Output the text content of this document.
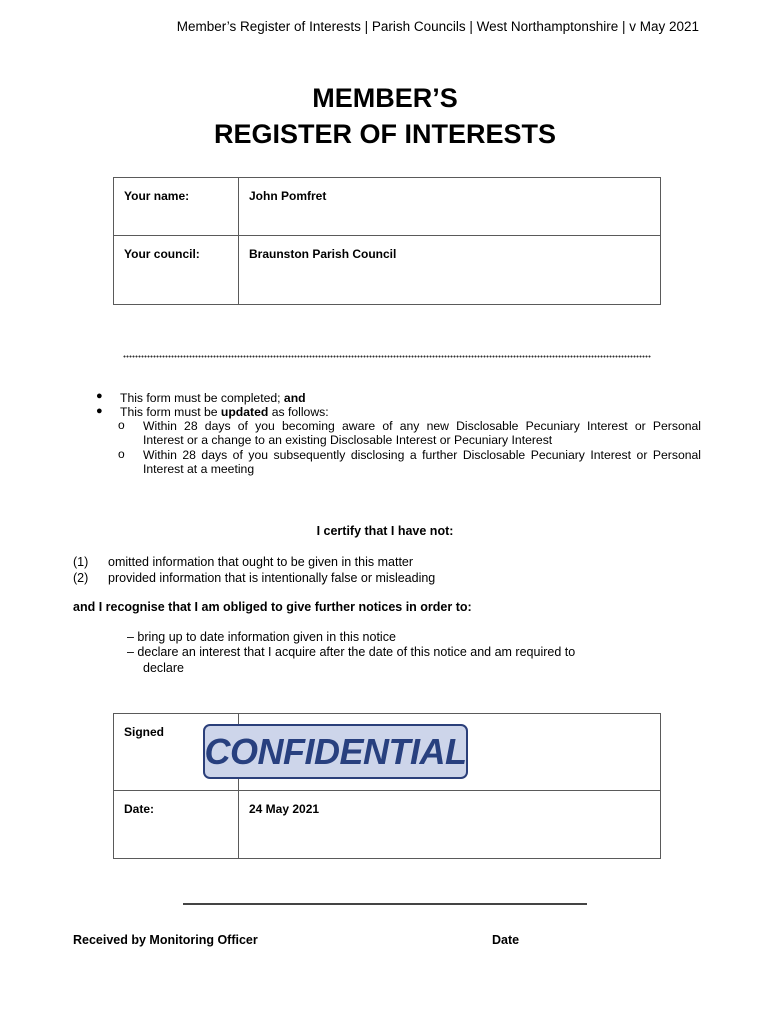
Member’s Register of Interests | Parish Councils | West Northamptonshire | v May 2021
MEMBER’S
REGISTER OF INTERESTS
Your name:	John Pomfret
Your council:	Braunston Parish Council
● This form must be completed; and
● This form must be updated as follows:
o Within 28 days of you becoming aware of any new Disclosable Pecuniary Interest or Personal

Interest or a change to an existing Disclosable Interest or Pecuniary Interest

o Within 28 days of you subsequently disclosing a further Disclosable Pecuniary Interest or Personal

Interest at a meeting

I certify that I have not:
(1) omitted information that ought to be given in this matter
(2) provided information that is intentionally false or misleading
and I recognise that I am obliged to give further notices in order to:
– bring up to date information given in this notice
– declare an interest that I acquire after the date of this notice and am required to
declare
Signed	
Date:	24 May 2021
CONFIDENTIAL
Received by Monitoring Officer	Date
